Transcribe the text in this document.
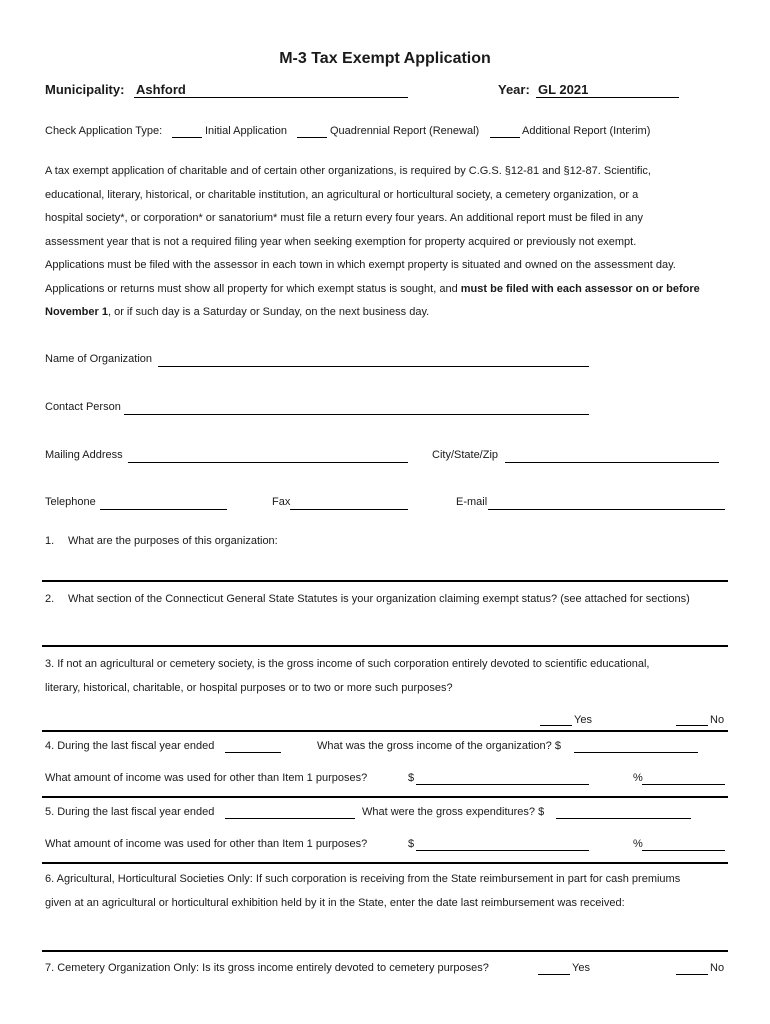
M-3 Tax Exempt Application
Municipality: Ashford	Year: GL 2021
Check Application Type:	Initial Application	Quadrennial Report (Renewal)	Additional Report (Interim)

A tax exempt application of charitable and of certain other organizations, is required by C.G.S. §12-81 and §12-87. Scientific,

educational, literary, historical, or charitable institution, an agricultural or horticultural society, a cemetery organization, or a

hospital society*, or corporation* or sanatorium* must file a return every four years. An additional report must be filed in any

assessment year that is not a required filing year when seeking exemption for property acquired or previously not exempt.

Applications must be filed with the assessor in each town in which exempt property is situated and owned on the assessment day.

Applications or returns must show all property for which exempt status is sought, and must be filed with each assessor on or before

November 1, or if such day is a Saturday or Sunday, on the next business day.

Name of Organization
Contact Person
Mailing Address	City/State/Zip
Telephone	Fax	E-mail
1. What are the purposes of this organization:
2. What section of the Connecticut General State Statutes is your organization claiming exempt status? (see attached for sections)
3. If not an agricultural or cemetery society, is the gross income of such corporation entirely devoted to scientific educational,
literary, historical, charitable, or hospital purposes or to two or more such purposes?
Yes	No
4. During the last fiscal year ended	What was the gross income of the organization? $
What amount of income was used for other than Item 1 purposes?	$	%
5. During the last fiscal year ended	What were the gross expenditures? $
What amount of income was used for other than Item 1 purposes?	$	%
6. Agricultural, Horticultural Societies Only: If such corporation is receiving from the State reimbursement in part for cash premiums
given at an agricultural or horticultural exhibition held by it in the State, enter the date last reimbursement was received:
7. Cemetery Organization Only: Is its gross income entirely devoted to cemetery purposes?	Yes	No
